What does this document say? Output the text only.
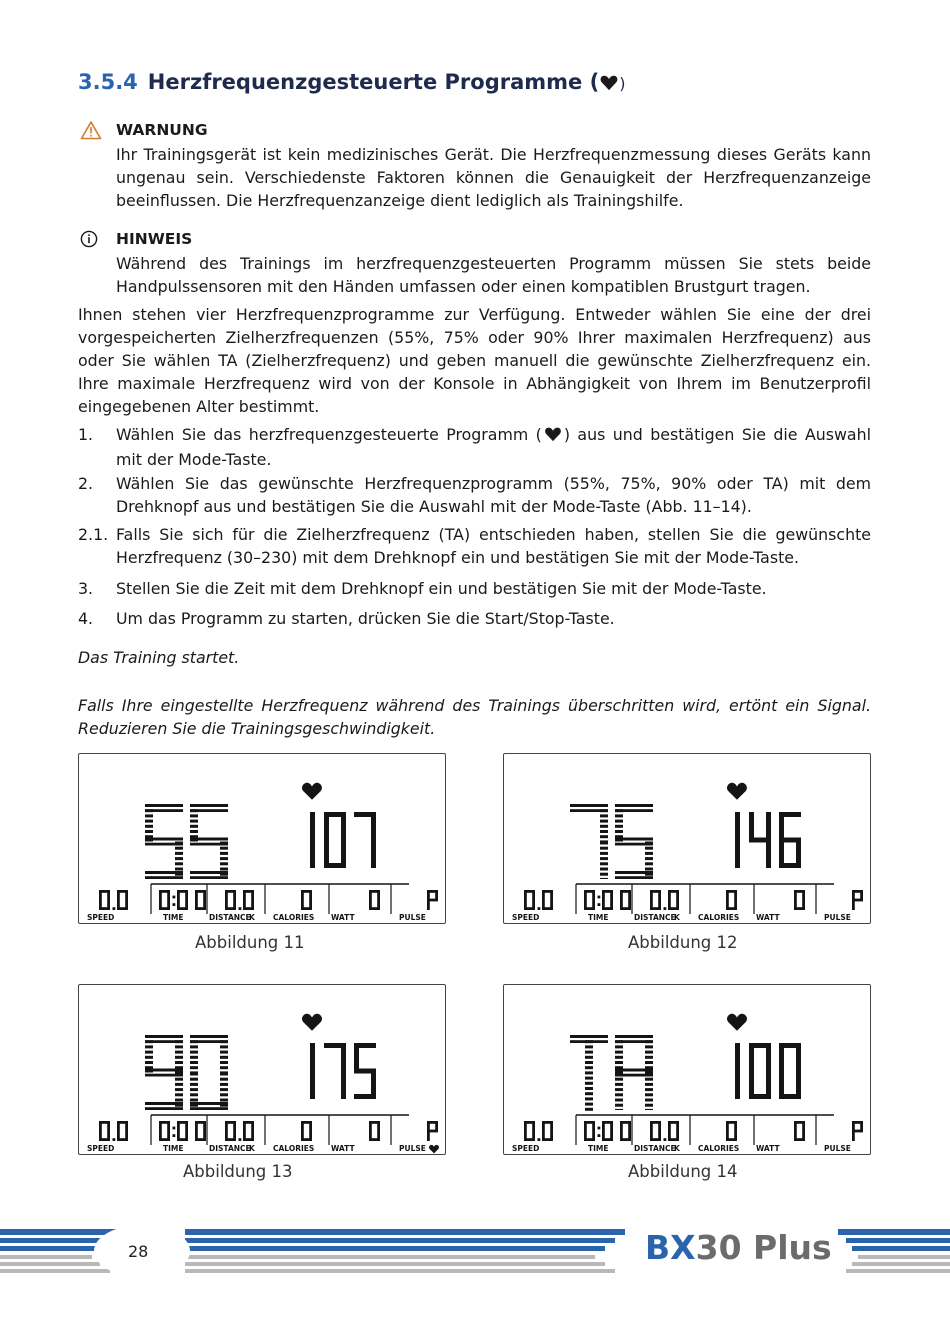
3.5.4 Herzfrequenzgesteuerte Programme ( )
WARNUNG
Ihr Trainingsgerät ist kein medizinisches Gerät. Die Herzfrequenzmessung dieses Geräts kann ungenau sein. Verschiedenste Faktoren können die Genauigkeit der Herzfrequenzanzeige beeinflussen. Die Herzfrequenzanzeige dient lediglich als Trainingshilfe.
HINWEIS
Während des Trainings im herzfrequenzgesteuerten Programm müssen Sie stets beide Handpulssensoren mit den Händen umfassen oder einen kompatiblen Brustgurt tragen.
Ihnen stehen vier Herzfrequenzprogramme zur Verfügung. Entweder wählen Sie eine der drei vorgespeicherten Zielherzfrequenzen (55%, 75% oder 90% Ihrer maximalen Herzfrequenz) aus oder Sie wählen TA (Zielherzfrequenz) und geben manuell die gewünschte Zielherzfrequenz ein. Ihre maximale Herzfrequenz wird von der Konsole in Abhängigkeit von Ihrem im Benutzerprofil eingegebenen Alter bestimmt.
1. Wählen Sie das herzfrequenzgesteuerte Programm ( ) aus und bestätigen Sie die Auswahl mit der Mode-Taste.
2. Wählen Sie das gewünschte Herzfrequenzprogramm (55%, 75%, 90% oder TA) mit dem Drehknopf aus und bestätigen Sie die Auswahl mit der Mode-Taste (Abb. 11–14).
2.1. Falls Sie sich für die Zielherzfrequenz (TA) entschieden haben, stellen Sie die gewünschte Herzfrequenz (30–230) mit dem Drehknopf ein und bestätigen Sie mit der Mode-Taste.
3. Stellen Sie die Zeit mit dem Drehknopf ein und bestätigen Sie mit der Mode-Taste.
4. Um das Programm zu starten, drücken Sie die Start/Stop-Taste.
Das Training startet.
Falls Ihre eingestellte Herzfrequenz während des Trainings überschritten wird, ertönt ein Signal. Reduzieren Sie die Trainingsgeschwindigkeit.
SPEED	TIME	DISTANCE
K CALORIES WATT	PULSE
Abbildung 11
SPEED	TIME	DISTANCE
K CALORIES WATT	PULSE
Abbildung 12
SPEED	TIME	DISTANCE
K CALORIES WATT	PULSE
Abbildung 13
SPEED	TIME	DISTANCE
K CALORIES WATT	PULSE
Abbildung 14
28	BX30 Plus
